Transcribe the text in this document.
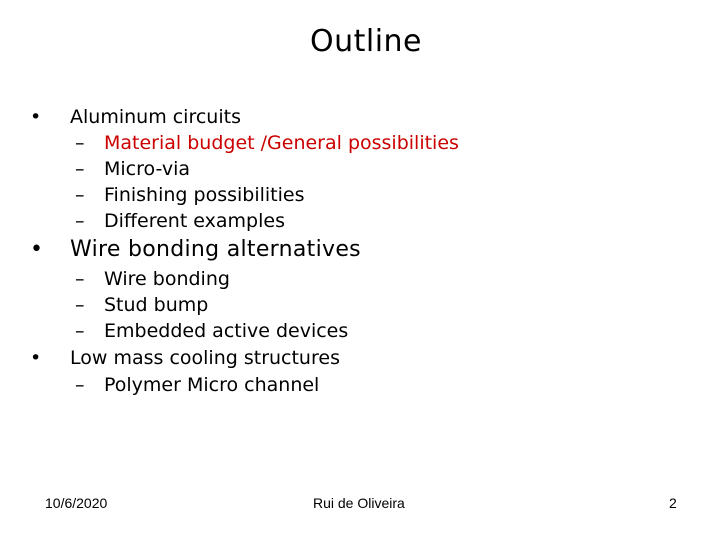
Outline
• Aluminum circuits
– Material budget /General possibilities
– Micro-via
– Finishing possibilities
– Different examples
• Wire bonding alternatives
– Wire bonding
– Stud bump
– Embedded active devices
• Low mass cooling structures
– Polymer Micro channel
10/6/2020	Rui de Oliveira	2
